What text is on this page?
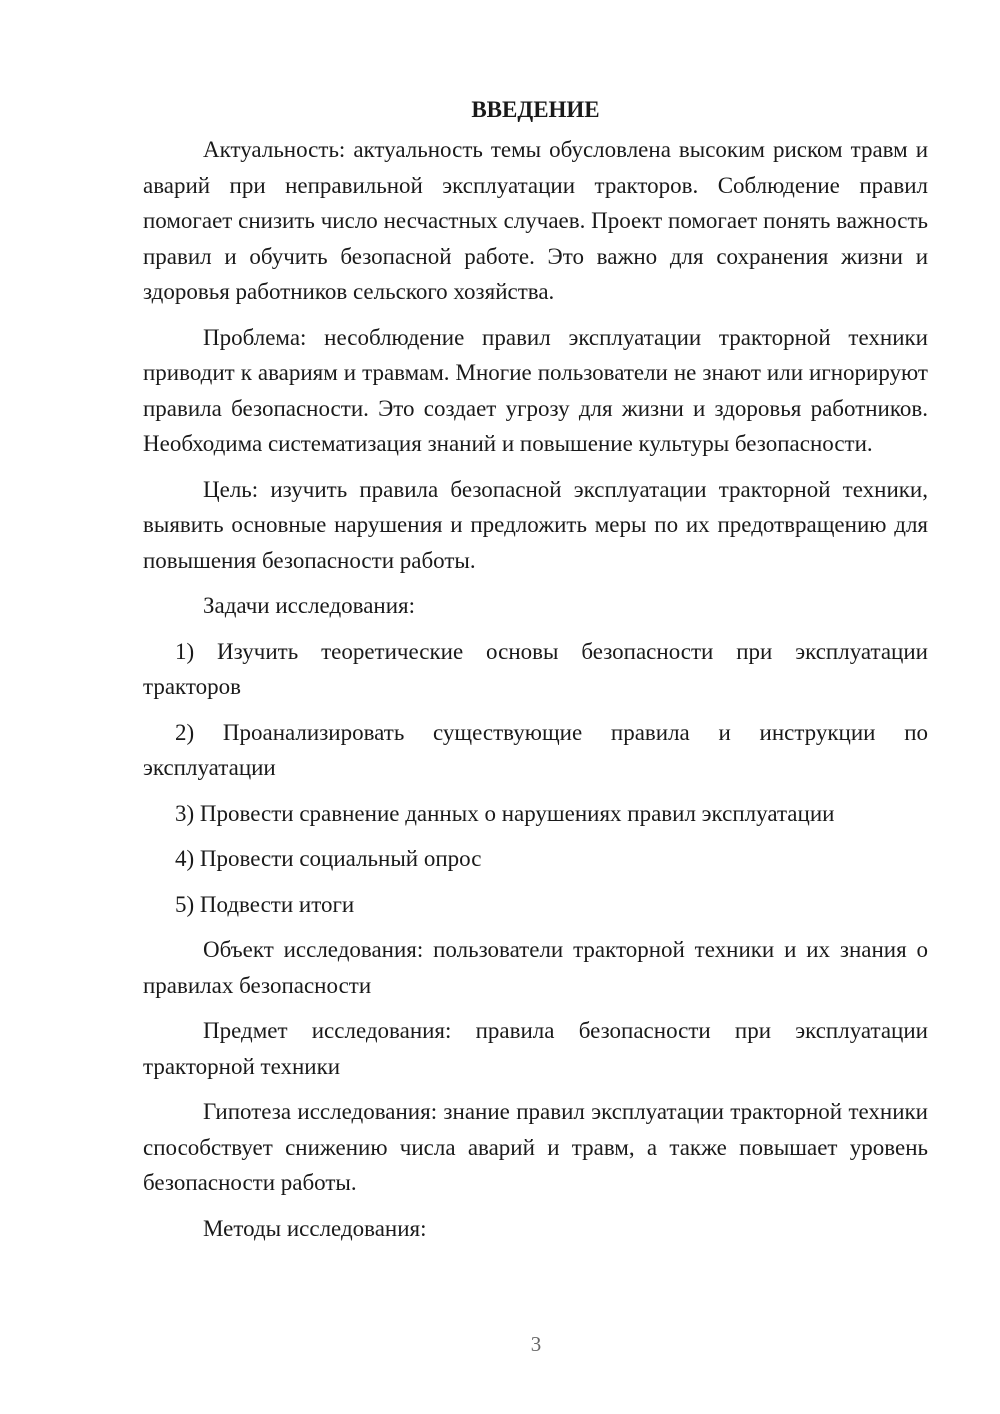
ВВЕДЕНИЕ

Актуальность: актуальность темы обусловлена высоким риском травм и аварий при неправильной эксплуатации тракторов. Соблюдение правил помогает снизить число несчастных случаев. Проект помогает понять важность правил и обучить безопасной работе. Это важно для сохранения жизни и здоровья работников сельского хозяйства.

Проблема: несоблюдение правил эксплуатации тракторной техники приводит к авариям и травмам. Многие пользователи не знают или игнорируют правила безопасности. Это создает угрозу для жизни и здоровья работников. Необходима систематизация знаний и повышение культуры безопасности.

Цель: изучить правила безопасной эксплуатации тракторной техники, выявить основные нарушения и предложить меры по их предотвращению для повышения безопасности работы.

Задачи исследования:

1) Изучить теоретические основы безопасности при эксплуатации тракторов

2) Проанализировать существующие правила и инструкции по эксплуатации

3) Провести сравнение данных о нарушениях правил эксплуатации

4) Провести социальный опрос

5) Подвести итоги

Объект исследования: пользователи тракторной техники и их знания о правилах безопасности

Предмет исследования: правила безопасности при эксплуатации тракторной техники

Гипотеза исследования: знание правил эксплуатации тракторной техники способствует снижению числа аварий и травм, а также повышает уровень безопасности работы.

Методы исследования:

3
